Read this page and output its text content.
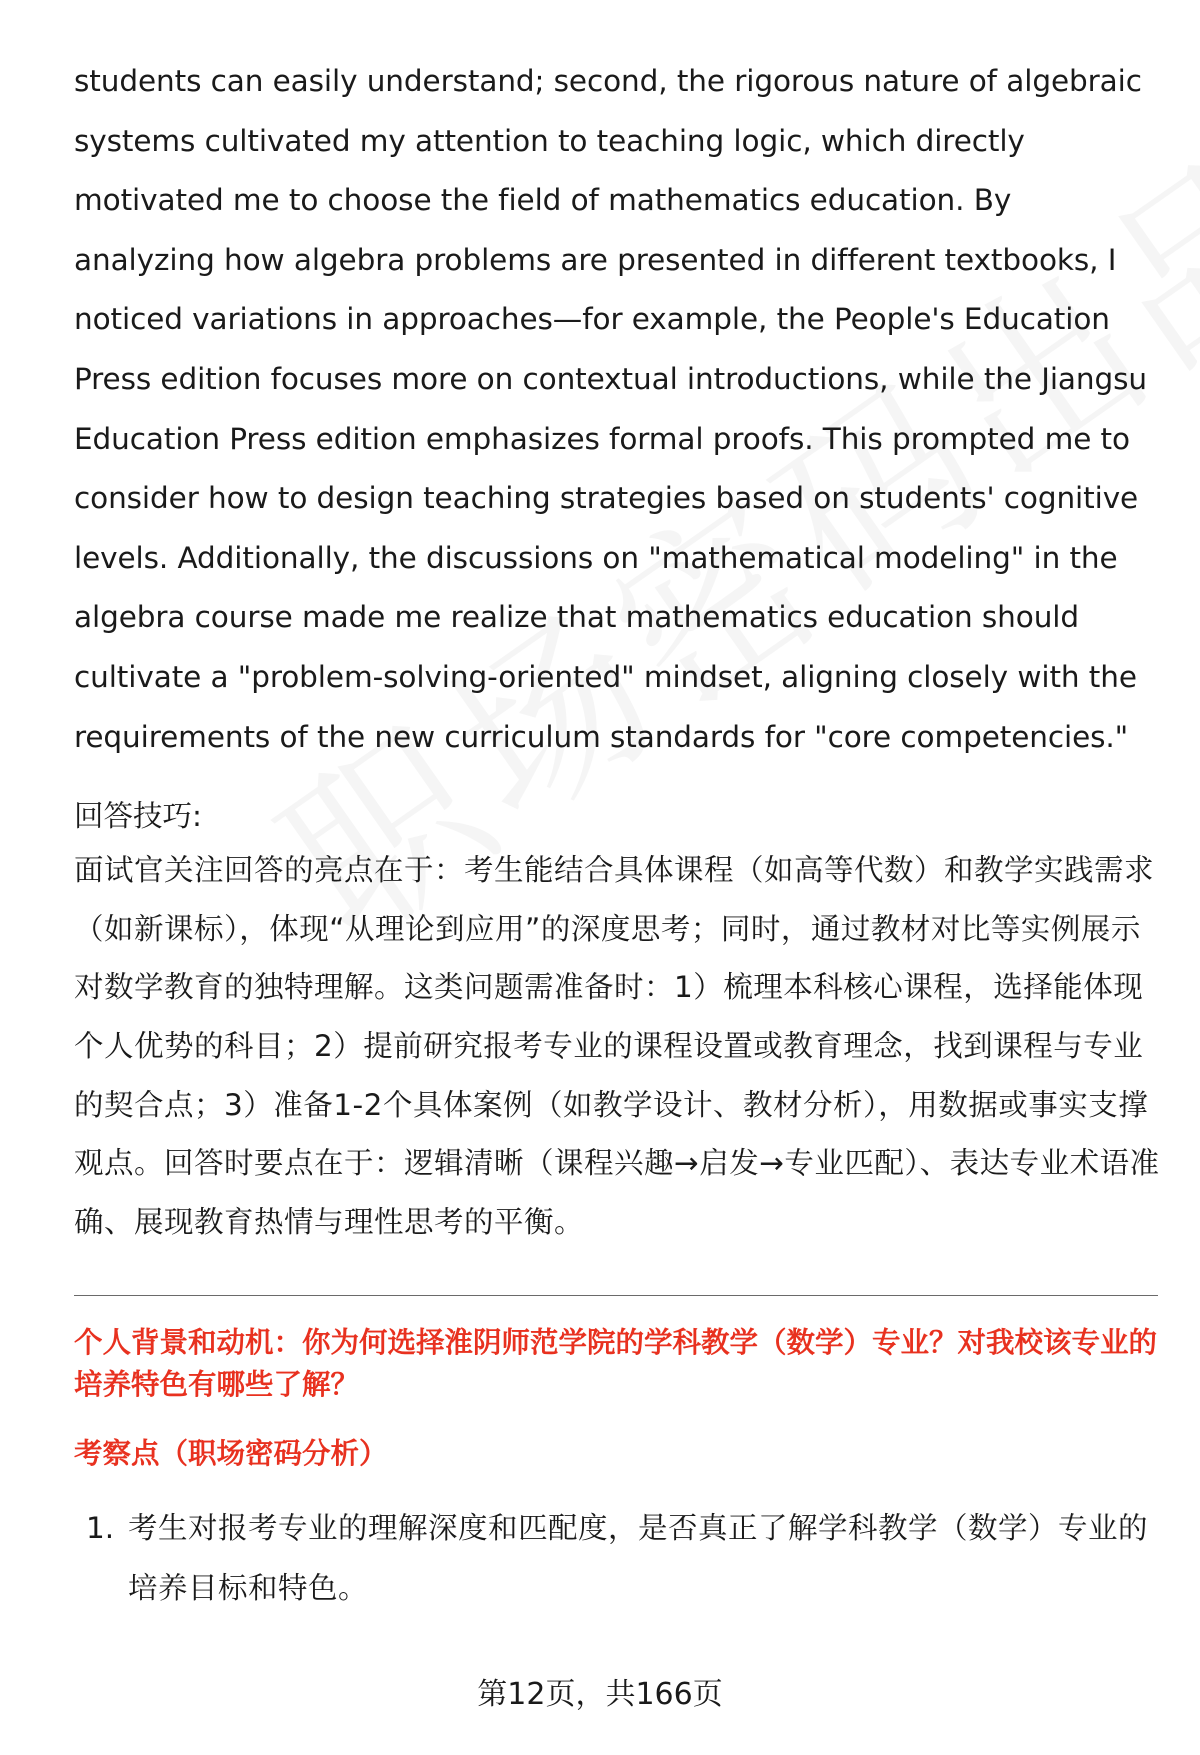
students can easily understand; second, the rigorous nature of algebraic systems cultivated my attention to teaching logic, which directly motivated me to choose the field of mathematics education. By analyzing how algebra problems are presented in different textbooks, I noticed variations in approaches—for example, the People's Education Press edition focuses more on contextual introductions, while the Jiangsu Education Press edition emphasizes formal proofs. This prompted me to consider how to design teaching strategies based on students' cognitive levels. Additionally, the discussions on "mathematical modeling" in the algebra course made me realize that mathematics education should cultivate a "problem-solving-oriented" mindset, aligning closely with the requirements of the new curriculum standards for "core competencies."

回答技巧:

面试官关注回答的亮点在于：考生能结合具体课程（如高等代数）和教学实践需求（如新课标），体现“从理论到应用”的深度思考；同时，通过教材对比等实例展示对数学教育的独特理解。这类问题需准备时：1）梳理本科核心课程，选择能体现个人优势的科目；2）提前研究报考专业的课程设置或教育理念，找到课程与专业的契合点；3）准备1-2个具体案例（如教学设计、教材分析），用数据或事实支撑观点。回答时要点在于：逻辑清晰（课程兴趣→启发→专业匹配）、表达专业术语准确、展现教育热情与理性思考的平衡。

个人背景和动机：你为何选择淮阴师范学院的学科教学（数学）专业？对我校该专业的培养特色有哪些了解？

考察点（职场密码分析）

1. 考生对报考专业的理解深度和匹配度，是否真正了解学科教学（数学）专业的培养目标和特色。
第12页，共166页
